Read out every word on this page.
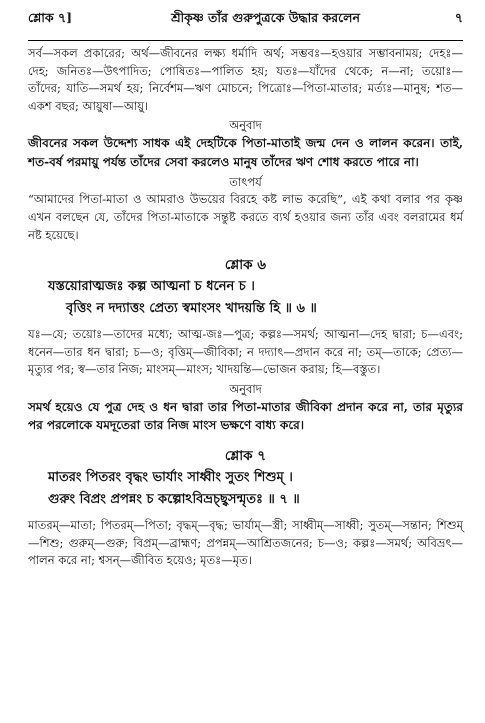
শ্লোক ৭]	শ্রীকৃষ্ণ তাঁর গুরুপুত্রকে উদ্ধার করলেন	৭

সর্ব—সকল প্রকারের; অর্থ—জীবনের লক্ষ্য ধর্মাদি অর্থ; সম্ভবঃ—হওয়ার সম্ভাবনাময়; দেহঃ—দেহ; জনিতঃ—উৎপাদিত; পোষিতঃ—পালিত হয়; যতঃ—যাঁদের থেকে; ন—না; তয়োঃ—তাঁদের; যাতি—সমর্থ হয়; নির্বেশম—ঋণ মোচনে; পিত্রোঃ—পিতা-মাতার; মর্ত্যঃ—মানুষ; শত—একশ বছর; আয়ুষা—আয়ু।

অনুবাদ

জীবনের সকল উদ্দেশ্য সাধক এই দেহটিকে পিতা-মাতাই জন্ম দেন ও লালন করেন। তাই, শত-বর্ষ পরমায়ু পর্যন্ত তাঁদের সেবা করলেও মানুষ তাঁদের ঋণ শোধ করতে পারে না।

তাৎপর্য

“আমাদের পিতা-মাতা ও আমরাও উভয়ের বিরহে কষ্ট লাভ করেছি”, এই কথা বলার পর কৃষ্ণ এখন বলছেন যে, তাঁদের পিতা-মাতাকে সন্তুষ্ট করতে ব্যর্থ হওয়ার জন্য তাঁর এবং বলরামের ধর্ম নষ্ট হয়েছে।

শ্লোক ৬
যস্তয়োরাত্মজঃ কল্প আত্মনা চ ধনেন চ ।
বৃত্তিং ন দদ্যাত্তং প্রেত্য স্বমাংসং খাদয়ন্তি হি ॥ ৬ ॥

যঃ—যে; তয়োঃ—তাদের মধ্যে; আত্ম-জঃ—পুত্র; কল্পঃ—সমর্থ; আত্মনা—দেহ দ্বারা; চ—এবং; ধনেন—তার ধন দ্বারা; চ—ও; বৃত্তিম্—জীবিকা; ন দদ্যাৎ—প্রদান করে না; তম্—তাকে; প্রেত্য—মৃত্যুর পর; স্ব—তার নিজ; মাংসম্—মাংস; খাদয়ন্তি—ভোজন করায়; হি—বস্তুত।

অনুবাদ

সমর্থ হয়েও যে পুত্র দেহ ও ধন দ্বারা তার পিতা-মাতার জীবিকা প্রদান করে না, তার মৃত্যুর পর পরলোকে যমদূতেরা তার নিজ মাংস ভক্ষণে বাধ্য করে।

শ্লোক ৭
মাতরং পিতরং বৃদ্ধং ভার্যাং সাধ্বীং সুতং শিশুম্ ।
গুরুং বিপ্রং প্রপন্নং চ কল্পোঽবিভ্রচ্ছ্বসন্মৃতঃ ॥ ৭ ॥

মাতরম্—মাতা; পিতরম্—পিতা; বৃদ্ধম্—বৃদ্ধ; ভার্যাম্—স্ত্রী; সাধ্বীম্—সাধ্বী; সুতম্—সন্তান; শিশুম্—শিশু; গুরুম্—গুরু; বিপ্রম্—ব্রাহ্মণ; প্রপন্নম্—আশ্রিতজনের; চ—ও; কল্পঃ—সমর্থ; অবিভ্রৎ—পালন করে না; শ্বসন্—জীবিত হয়েও; মৃতঃ—মৃত।
